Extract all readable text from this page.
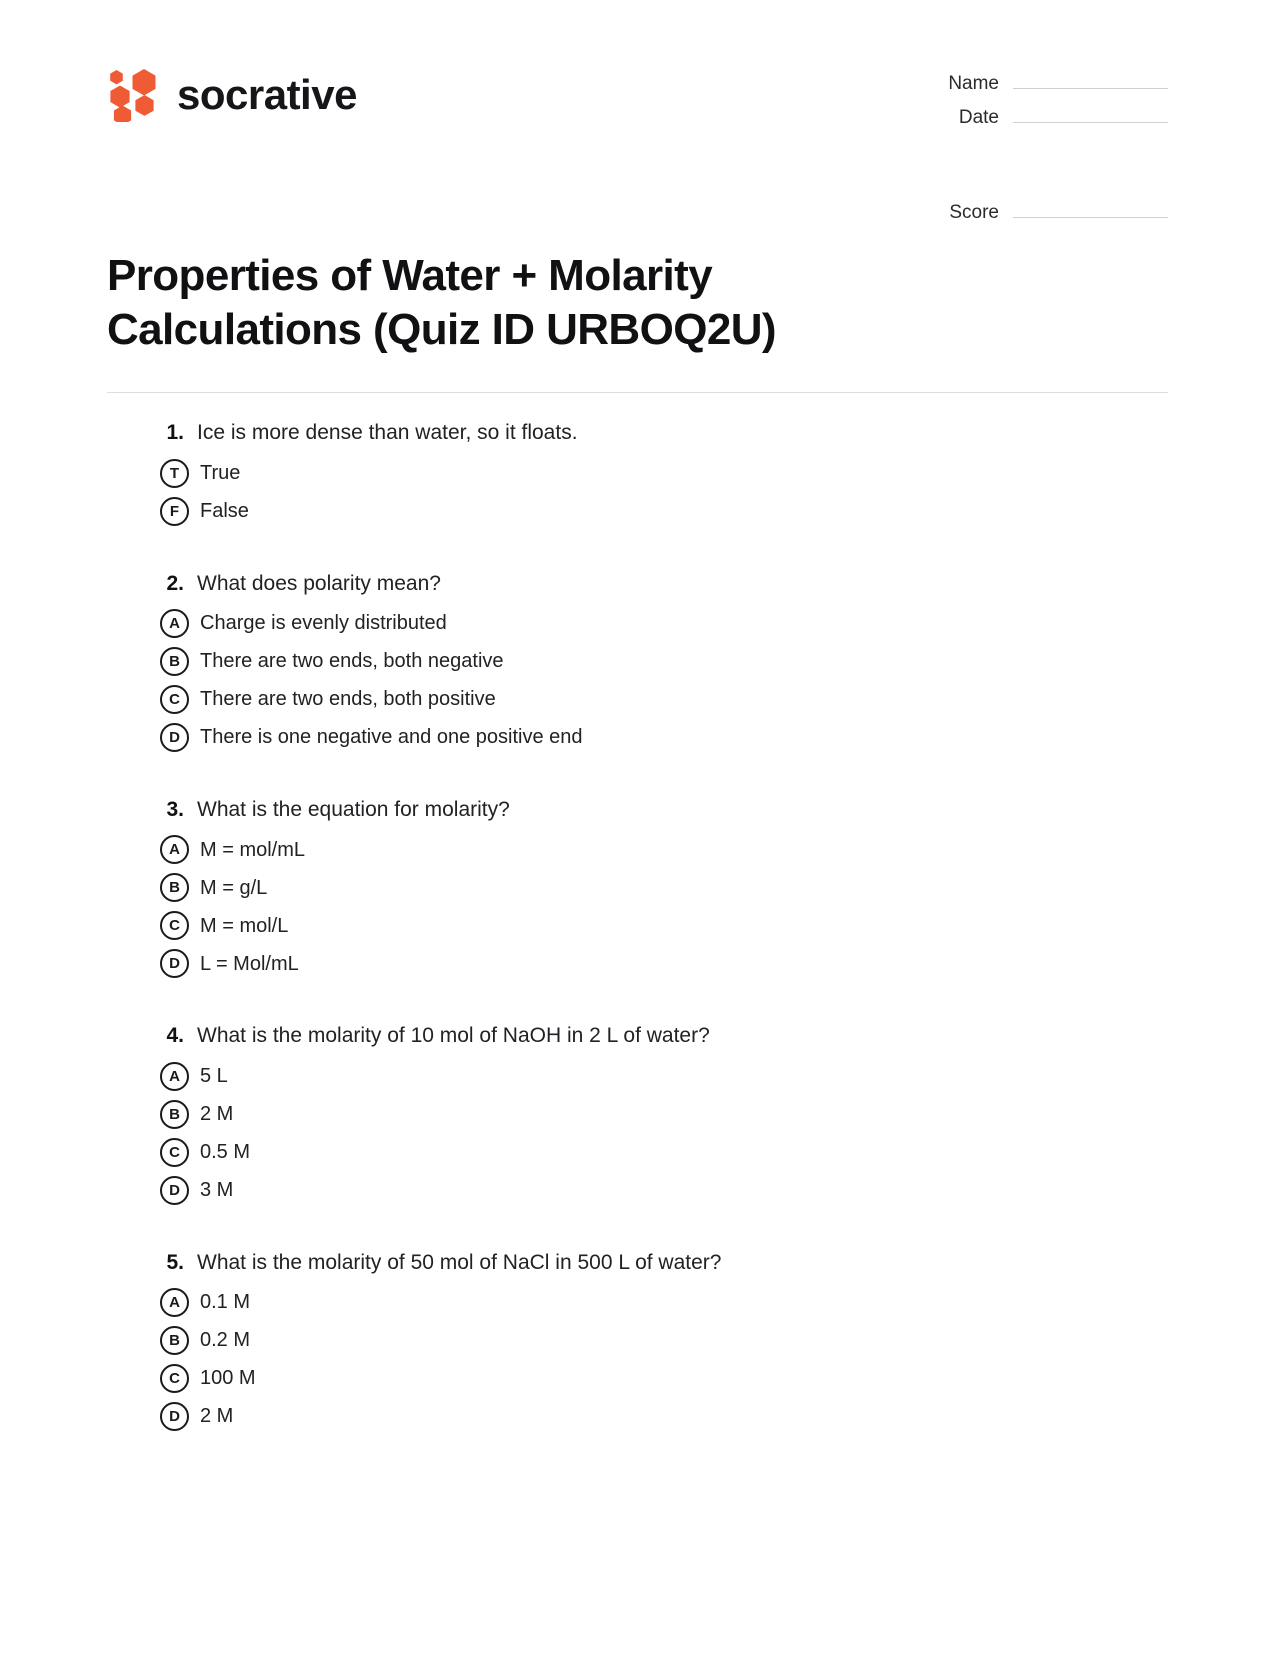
socrative	Name
Date
Score
Properties of Water + Molarity Calculations (Quiz ID URBOQ2U)
1. Ice is more dense than water, so it floats.
T	True
F	False
2. What does polarity mean?
A	Charge is evenly distributed
B	There are two ends, both negative
C	There are two ends, both positive
D	There is one negative and one positive end
3. What is the equation for molarity?
A	M = mol/mL
B	M = g/L
C	M = mol/L
D	L = Mol/mL
4. What is the molarity of 10 mol of NaOH in 2 L of water?
A	5 L
B	2 M
C	0.5 M
D	3 M
5. What is the molarity of 50 mol of NaCl in 500 L of water?
A	0.1 M
B	0.2 M
C	100 M
D	2 M
